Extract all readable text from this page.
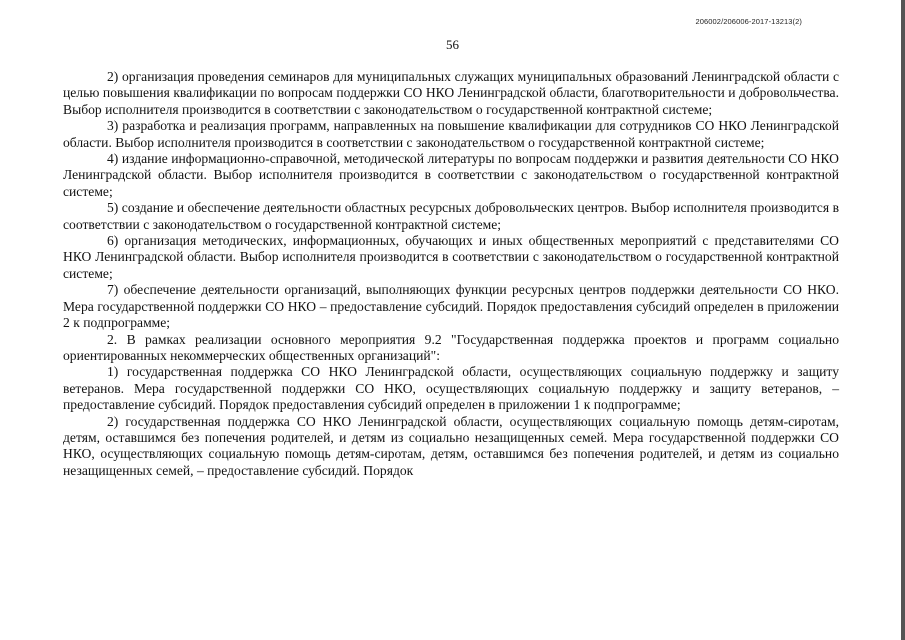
206002/206006-2017-13213(2)
56

2) организация проведения семинаров для муниципальных служащих муниципальных образований Ленинградской области с целью повышения квалификации по вопросам поддержки СО НКО Ленинградской области, благотворительности и добровольчества. Выбор исполнителя производится в соответствии с законодательством о государственной контрактной системе;

3) разработка и реализация программ, направленных на повышение квалификации для сотрудников СО НКО Ленинградской области. Выбор исполнителя производится в соответствии с законодательством о государственной контрактной системе;

4) издание информационно-справочной, методической литературы по вопросам поддержки и развития деятельности СО НКО Ленинградской области. Выбор исполнителя производится в соответствии с законодательством о государственной контрактной системе;

5) создание и обеспечение деятельности областных ресурсных добровольческих центров. Выбор исполнителя производится в соответствии с законодательством о государственной контрактной системе;

6) организация методических, информационных, обучающих и иных общественных мероприятий с представителями СО НКО Ленинградской области. Выбор исполнителя производится в соответствии с законодательством о государственной контрактной системе;

7) обеспечение деятельности организаций, выполняющих функции ресурсных центров поддержки деятельности СО НКО. Мера государственной поддержки СО НКО – предоставление субсидий. Порядок предоставления субсидий определен в приложении 2 к подпрограмме;

2. В рамках реализации основного мероприятия 9.2 "Государственная поддержка проектов и программ социально ориентированных некоммерческих общественных организаций":

1) государственная поддержка СО НКО Ленинградской области, осуществляющих социальную поддержку и защиту ветеранов. Мера государственной поддержки СО НКО, осуществляющих социальную поддержку и защиту ветеранов, – предоставление субсидий. Порядок предоставления субсидий определен в приложении 1 к подпрограмме;

2) государственная поддержка СО НКО Ленинградской области, осуществляющих социальную помощь детям-сиротам, детям, оставшимся без попечения родителей, и детям из социально незащищенных семей. Мера государственной поддержки СО НКО, осуществляющих социальную помощь детям-сиротам, детям, оставшимся без попечения родителей, и детям из социально незащищенных семей, – предоставление субсидий. Порядок
